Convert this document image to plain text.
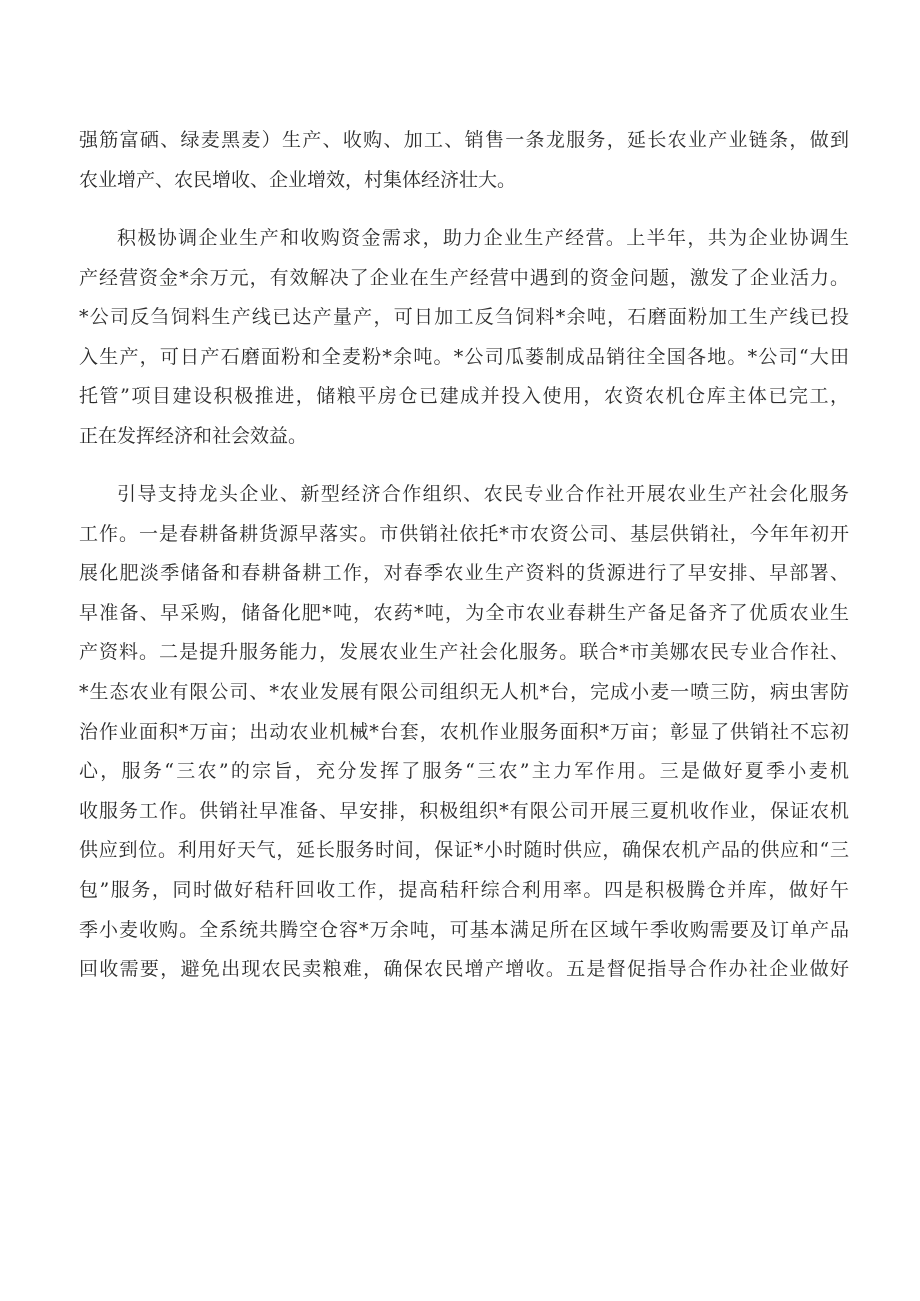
强筋富硒、绿麦黑麦）生产、收购、加工、销售一条龙服务，延长农业产业链条，做到
农业增产、农民增收、企业增效，村集体经济壮大。

积极协调企业生产和收购资金需求，助力企业生产经营。上半年，共为企业协调生
产经营资金*余万元，有效解决了企业在生产经营中遇到的资金问题，激发了企业活力。
*公司反刍饲料生产线已达产量产，可日加工反刍饲料*余吨，石磨面粉加工生产线已投
入生产，可日产石磨面粉和全麦粉*余吨。*公司瓜蒌制成品销往全国各地。*公司“大田
托管”项目建设积极推进，储粮平房仓已建成并投入使用，农资农机仓库主体已完工，
正在发挥经济和社会效益。

引导支持龙头企业、新型经济合作组织、农民专业合作社开展农业生产社会化服务
工作。一是春耕备耕货源早落实。市供销社依托*市农资公司、基层供销社，今年年初开
展化肥淡季储备和春耕备耕工作，对春季农业生产资料的货源进行了早安排、早部署、
早准备、早采购，储备化肥*吨，农药*吨，为全市农业春耕生产备足备齐了优质农业生
产资料。二是提升服务能力，发展农业生产社会化服务。联合*市美娜农民专业合作社、
*生态农业有限公司、*农业发展有限公司组织无人机*台，完成小麦一喷三防，病虫害防
治作业面积*万亩；出动农业机械*台套，农机作业服务面积*万亩；彰显了供销社不忘初
心，服务“三农”的宗旨，充分发挥了服务“三农”主力军作用。三是做好夏季小麦机
收服务工作。供销社早准备、早安排，积极组织*有限公司开展三夏机收作业，保证农机
供应到位。利用好天气，延长服务时间，保证*小时随时供应，确保农机产品的供应和“三
包”服务，同时做好秸秆回收工作，提高秸秆综合利用率。四是积极腾仓并库，做好午
季小麦收购。全系统共腾空仓容*万余吨，可基本满足所在区域午季收购需要及订单产品
回收需要，避免出现农民卖粮难，确保农民增产增收。五是督促指导合作办社企业做好
